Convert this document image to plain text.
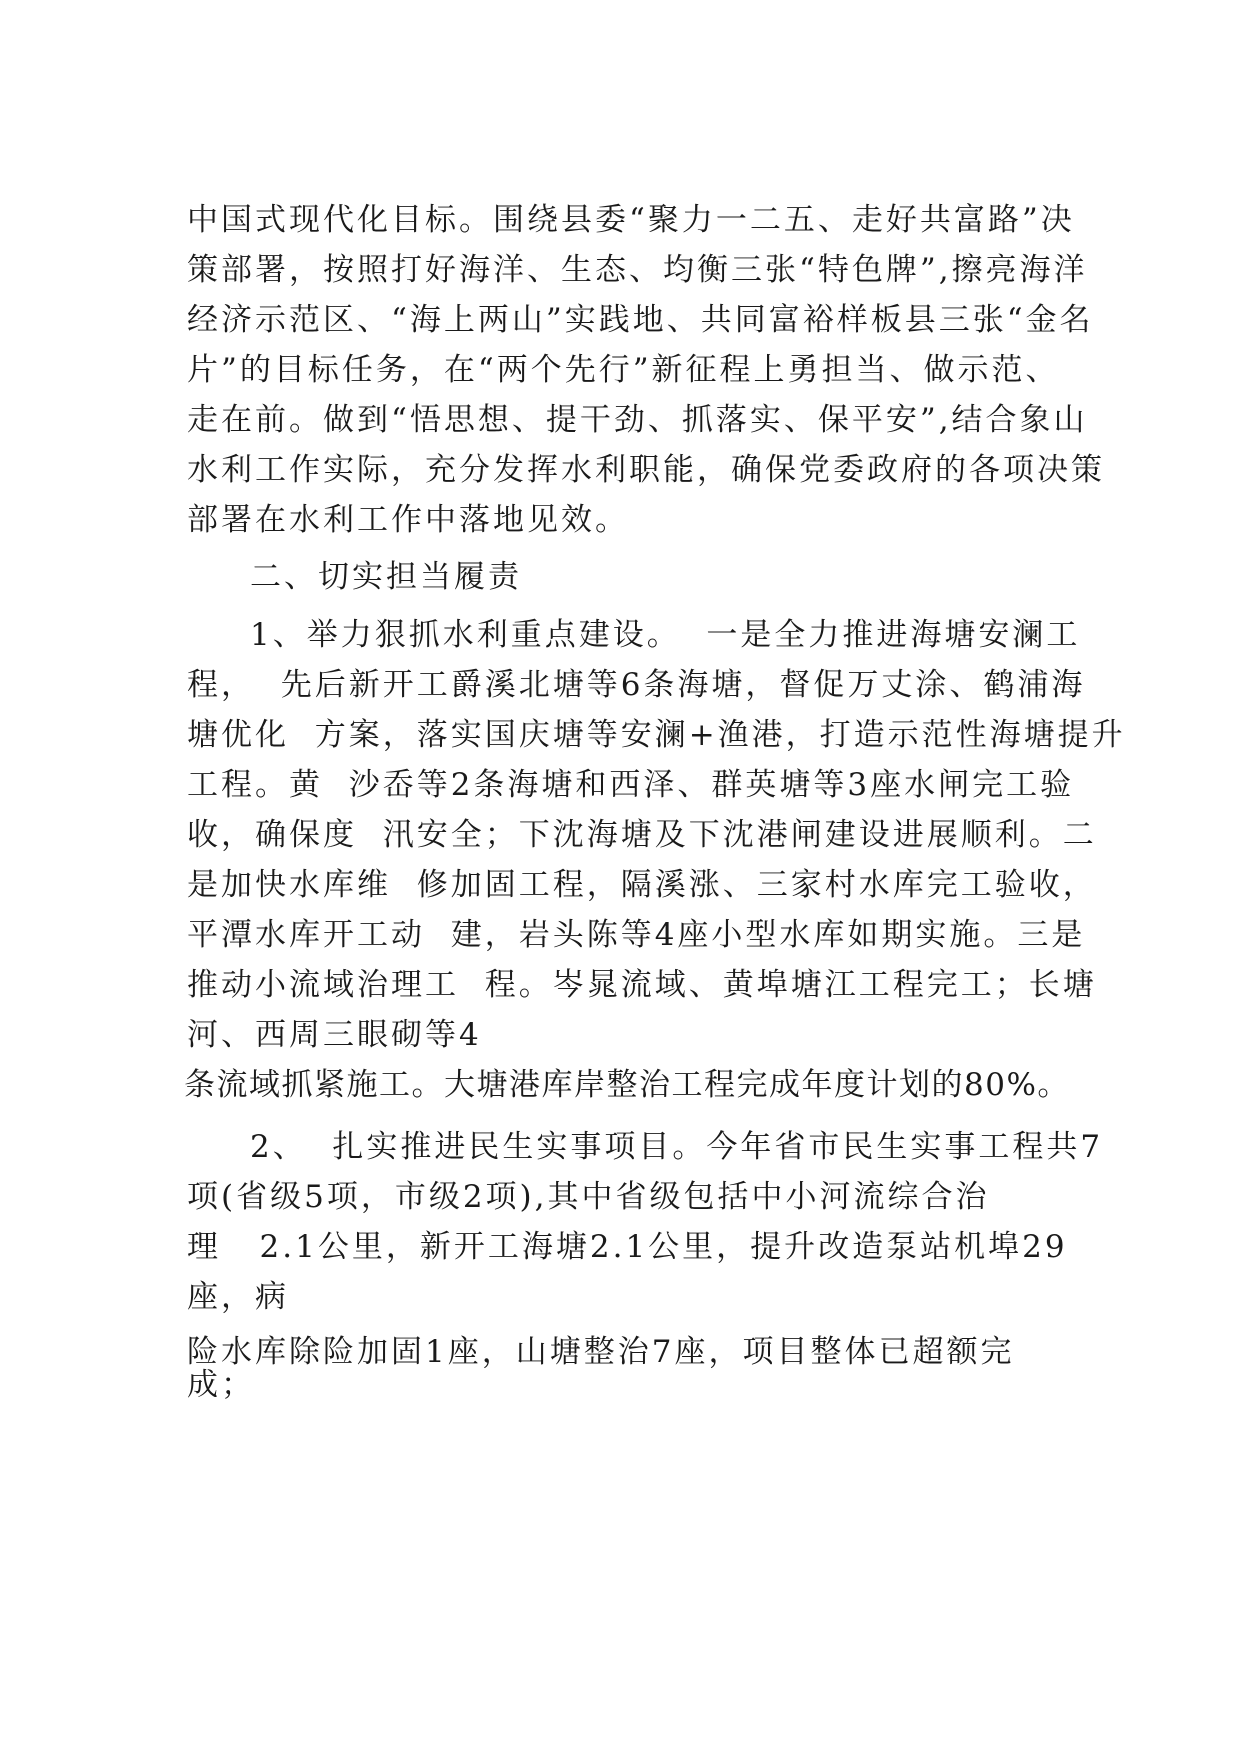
中国式现代化目标。围绕县委“聚力一二五、走好共富路”决
策部署，按照打好海洋、生态、均衡三张“特色牌”,擦亮海洋
经济示范区、“海上两山”实践地、共同富裕样板县三张“金名
片”的目标任务，在“两个先行”新征程上勇担当、做示范、
走在前。做到“悟思想、提干劲、抓落实、保平安”,结合象山
水利工作实际，充分发挥水利职能，确保党委政府的各项决策
部署在水利工作中落地见效。
二、切实担当履责
1、举力狠抓水利重点建设。  一是全力推进海塘安澜工
程，  先后新开工爵溪北塘等6条海塘，督促万丈涂、鹤浦海
塘优化  方案，落实国庆塘等安澜+渔港，打造示范性海塘提升
工程。黄  沙岙等2条海塘和西泽、群英塘等3座水闸完工验
收，确保度  汛安全；下沈海塘及下沈港闸建设进展顺利。二
是加快水库维  修加固工程，隔溪涨、三家村水库完工验收，
平潭水库开工动  建，岩头陈等4座小型水库如期实施。三是
推动小流域治理工  程。岑晁流域、黄埠塘江工程完工；长塘
河、西周三眼砌等4
条流域抓紧施工。大塘港库岸整治工程完成年度计划的80%。
2、  扎实推进民生实事项目。今年省市民生实事工程共7
项(省级5项，市级2项),其中省级包括中小河流综合治
理   2.1公里，新开工海塘2.1公里，提升改造泵站机埠29
座，病
险水库除险加固1座，山塘整治7座，项目整体已超额完
成；
